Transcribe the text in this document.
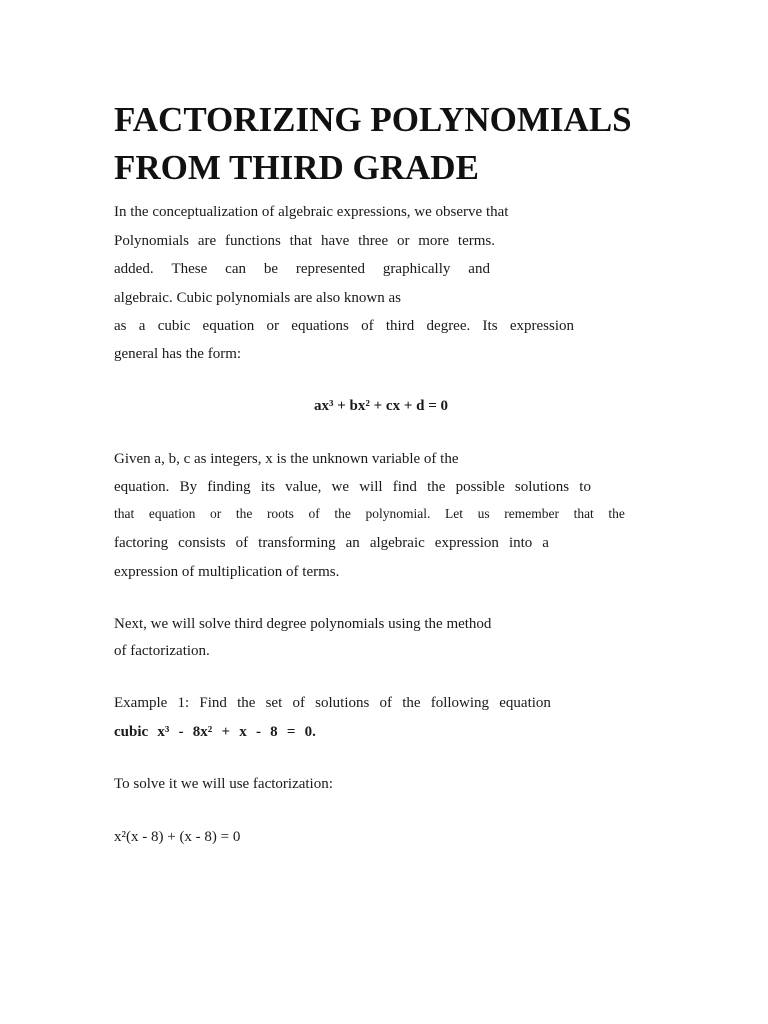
FACTORIZING POLYNOMIALS
FROM THIRD GRADE
In the conceptualization of algebraic expressions, we observe that
Polynomials are functions that have three or more terms.
added. These can be represented graphically and
algebraic. Cubic polynomials are also known as
as a cubic equation or equations of third degree. Its expression
general has the form:
ax³ + bx² + cx + d = 0
Given a, b, c as integers, x is the unknown variable of the
equation. By finding its value, we will find the possible solutions to
that equation or the roots of the polynomial. Let us remember that the
factoring consists of transforming an algebraic expression into a
expression of multiplication of terms.
Next, we will solve third degree polynomials using the method
of factorization.
Example 1: Find the set of solutions of the following equation
cubic x³ - 8x² + x - 8 = 0.
To solve it we will use factorization:
x²(x - 8) + (x - 8) = 0
